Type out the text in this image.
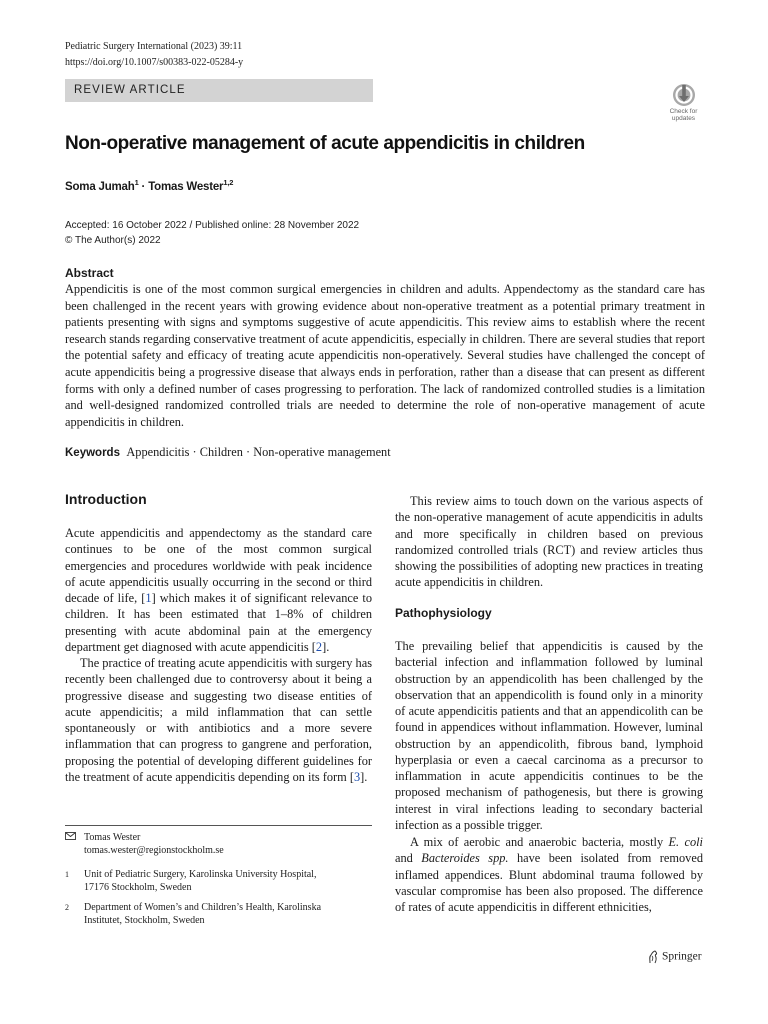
Pediatric Surgery International (2023) 39:11
https://doi.org/10.1007/s00383-022-05284-y
REVIEW ARTICLE
Check for
updates
Non-operative management of acute appendicitis in children
Soma Jumah$^1$ · Tomas Wester$^{1,2}$
Accepted: 16 October 2022 / Published online: 28 November 2022
© The Author(s) 2022
Abstract

Appendicitis is one of the most common surgical emergencies in children and adults. Appendectomy as the standard care has been challenged in the recent years with growing evidence about non-operative treatment as a potential primary treatment in patients presenting with signs and symptoms suggestive of acute appendicitis. This review aims to establish where the recent research stands regarding conservative treatment of acute appendicitis, especially in children. There are several studies that report the potential safety and efficacy of treating acute appendicitis non-operatively. Several studies have challenged the concept of acute appendicitis being a progressive disease that always ends in perforation, rather than a disease that can present as different forms with only a defined number of cases progressing to perforation. The lack of randomized controlled studies is a limitation and well-designed randomized controlled trials are needed to determine the role of non-operative management of acute appendicitis in children.

Keywords Appendicitis · Children · Non-operative management
Introduction

Acute appendicitis and appendectomy as the standard care continues to be one of the most common surgical emergencies and procedures worldwide with peak incidence of acute appendicitis usually occurring in the second or third decade of life, [1] which makes it of significant relevance to children. It has been estimated that 1–8% of children presenting with acute abdominal pain at the emergency department get diagnosed with acute appendicitis [2].

The practice of treating acute appendicitis with surgery has recently been challenged due to controversy about it being a progressive disease and suggesting two disease entities of acute appendicitis; a mild inflammation that can settle spontaneously or with antibiotics and a more severe inflammation that can progress to gangrene and perforation, proposing the potential of developing different guidelines for the treatment of acute appendicitis depending on its form [3].

This review aims to touch down on the various aspects of the non-operative management of acute appendicitis in adults and more specifically in children based on previous randomized controlled trials (RCT) and review articles thus showing the possibilities of adopting new practices in treating acute appendicitis in children.

Pathophysiology

The prevailing belief that appendicitis is caused by the bacterial infection and inflammation followed by luminal obstruction by an appendicolith has been challenged by the observation that an appendicolith is found only in a minority of acute appendicitis patients and that an appendicolith can be found in appendices without inflammation. However, luminal obstruction by an appendicolith, fibrous band, lymphoid hyperplasia or even a caecal carcinoma as a precursor to inflammation in acute appendicitis continues to be the proposed mechanism of pathogenesis, but there is growing interest in viral infections leading to secondary bacterial infection as a possible trigger.

A mix of aerobic and anaerobic bacteria, mostly E. coli and Bacteroides spp. have been isolated from removed inflamed appendices. Blunt abdominal trauma followed by vascular compromise has been also proposed. The difference of rates of acute appendicitis in different ethnicities,

Tomas Wester
tomas.wester@regionstockholm.se
1 Unit of Pediatric Surgery, Karolinska University Hospital,
17176 Stockholm, Sweden
2 Department of Women’s and Children’s Health, Karolinska
Institutet, Stockholm, Sweden
Springer
